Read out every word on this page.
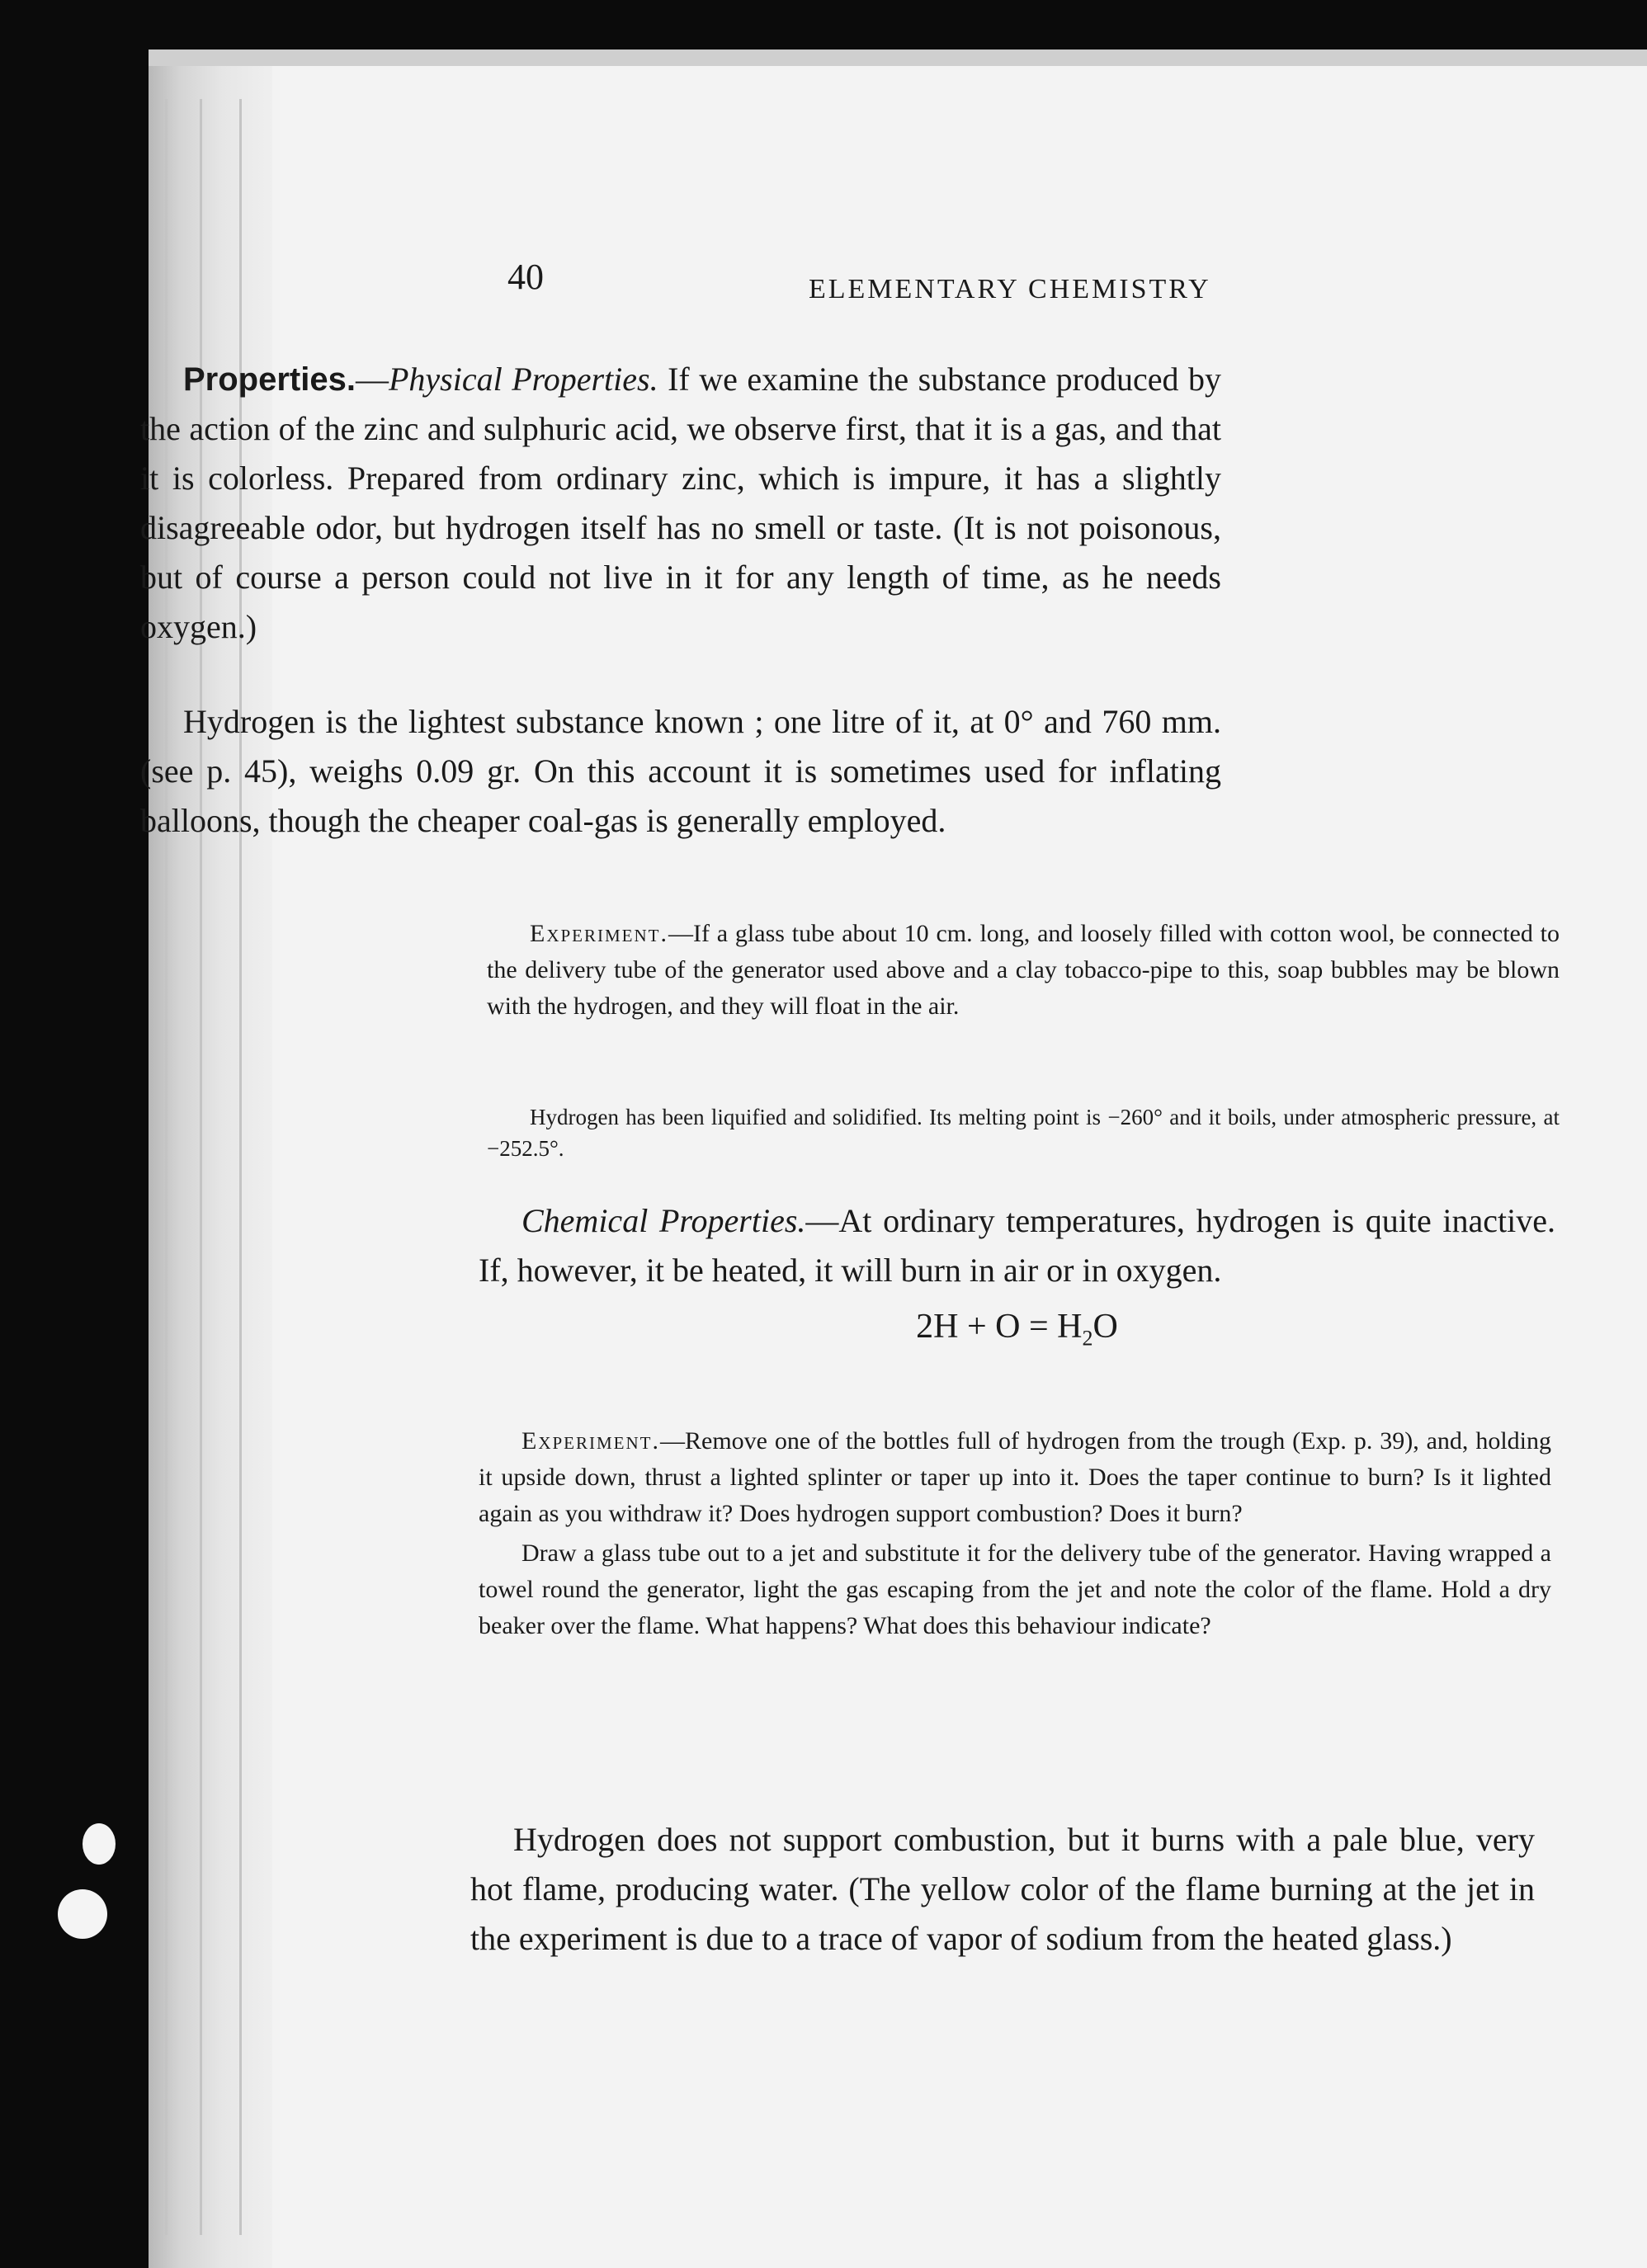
40	ELEMENTARY CHEMISTRY

Properties.—Physical Properties. If we examine the substance produced by the action of the zinc and sulphuric acid, we observe first, that it is a gas, and that it is colorless. Prepared from ordinary zinc, which is impure, it has a slightly disagreeable odor, but hydrogen itself has no smell or taste. (It is not poisonous, but of course a person could not live in it for any length of time, as he needs oxygen.)

Hydrogen is the lightest substance known ; one litre of it, at 0° and 760 mm. (see p. 45), weighs 0.09 gr. On this account it is sometimes used for inflating balloons, though the cheaper coal-gas is generally employed.

Experiment.—If a glass tube about 10 cm. long, and loosely filled with cotton wool, be connected to the delivery tube of the generator used above and a clay tobacco-pipe to this, soap bubbles may be blown with the hydrogen, and they will float in the air.

Hydrogen has been liquified and solidified. Its melting point is −260° and it boils, under atmospheric pressure, at −252.5°.

Chemical Properties.—At ordinary temperatures, hydrogen is quite inactive. If, however, it be heated, it will burn in air or in oxygen.

$2H + O = H_2O$

Experiment.—Remove one of the bottles full of hydrogen from the trough (Exp. p. 39), and, holding it upside down, thrust a lighted splinter or taper up into it. Does the taper continue to burn? Is it lighted again as you withdraw it? Does hydrogen support combustion? Does it burn?

Draw a glass tube out to a jet and substitute it for the delivery tube of the generator. Having wrapped a towel round the generator, light the gas escaping from the jet and note the color of the flame. Hold a dry beaker over the flame. What happens? What does this behaviour indicate?

Hydrogen does not support combustion, but it burns with a pale blue, very hot flame, producing water. (The yellow color of the flame burning at the jet in the experiment is due to a trace of vapor of sodium from the heated glass.)
